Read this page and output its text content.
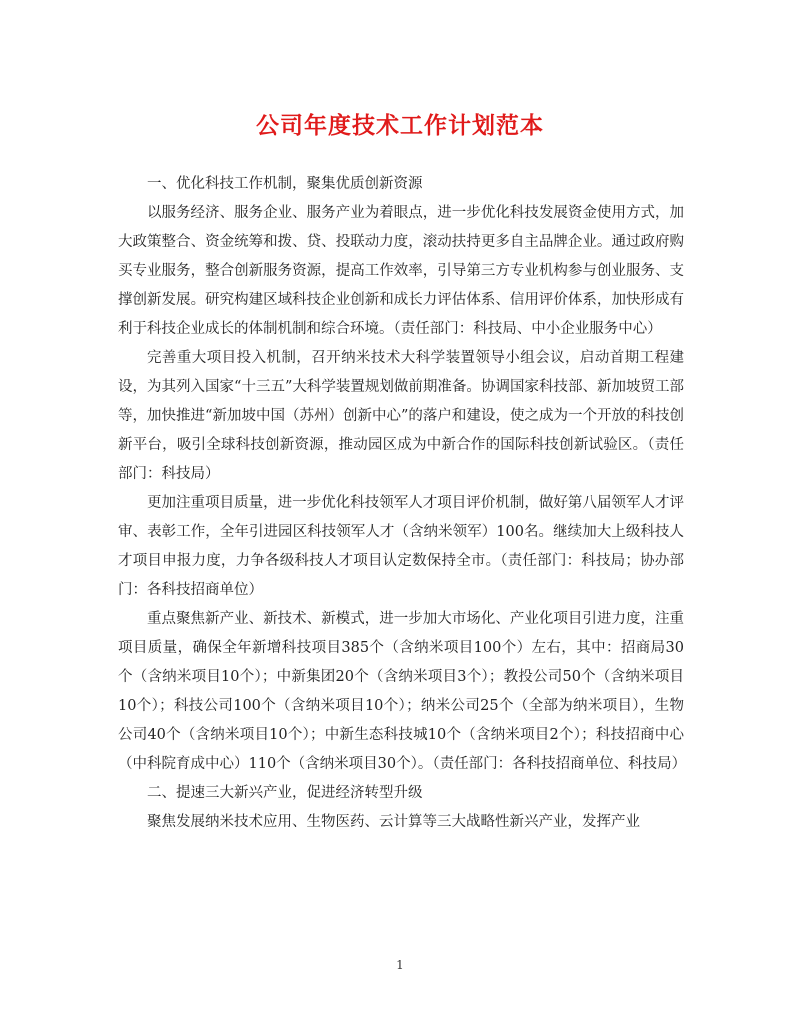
公司年度技术工作计划范本

一、优化科技工作机制，聚集优质创新资源

以服务经济、服务企业、服务产业为着眼点，进一步优化科技发展资金使用方式，加大政策整合、资金统筹和拨、贷、投联动力度，滚动扶持更多自主品牌企业。通过政府购买专业服务，整合创新服务资源，提高工作效率，引导第三方专业机构参与创业服务、支撑创新发展。研究构建区域科技企业创新和成长力评估体系、信用评价体系，加快形成有利于科技企业成长的体制机制和综合环境。（责任部门：科技局、中小企业服务中心）

完善重大项目投入机制，召开纳米技术大科学装置领导小组会议，启动首期工程建设，为其列入国家“十三五”大科学装置规划做前期准备。协调国家科技部、新加坡贸工部等，加快推进“新加坡中国（苏州）创新中心”的落户和建设，使之成为一个开放的科技创新平台，吸引全球科技创新资源，推动园区成为中新合作的国际科技创新试验区。（责任部门：科技局）

更加注重项目质量，进一步优化科技领军人才项目评价机制，做好第八届领军人才评审、表彰工作，全年引进园区科技领军人才（含纳米领军）100名。继续加大上级科技人才项目申报力度，力争各级科技人才项目认定数保持全市。（责任部门：科技局；协办部门：各科技招商单位）

重点聚焦新产业、新技术、新模式，进一步加大市场化、产业化项目引进力度，注重项目质量，确保全年新增科技项目385个（含纳米项目100个）左右，其中：招商局30个（含纳米项目10个）；中新集团20个（含纳米项目3个）；教投公司50个（含纳米项目10个）；科技公司100个（含纳米项目10个）；纳米公司25个（全部为纳米项目），生物公司40个（含纳米项目10个）；中新生态科技城10个（含纳米项目2个）；科技招商中心（中科院育成中心）110个（含纳米项目30个）。（责任部门：各科技招商单位、科技局）

二、提速三大新兴产业，促进经济转型升级

聚焦发展纳米技术应用、生物医药、云计算等三大战略性新兴产业，发挥产业

1
